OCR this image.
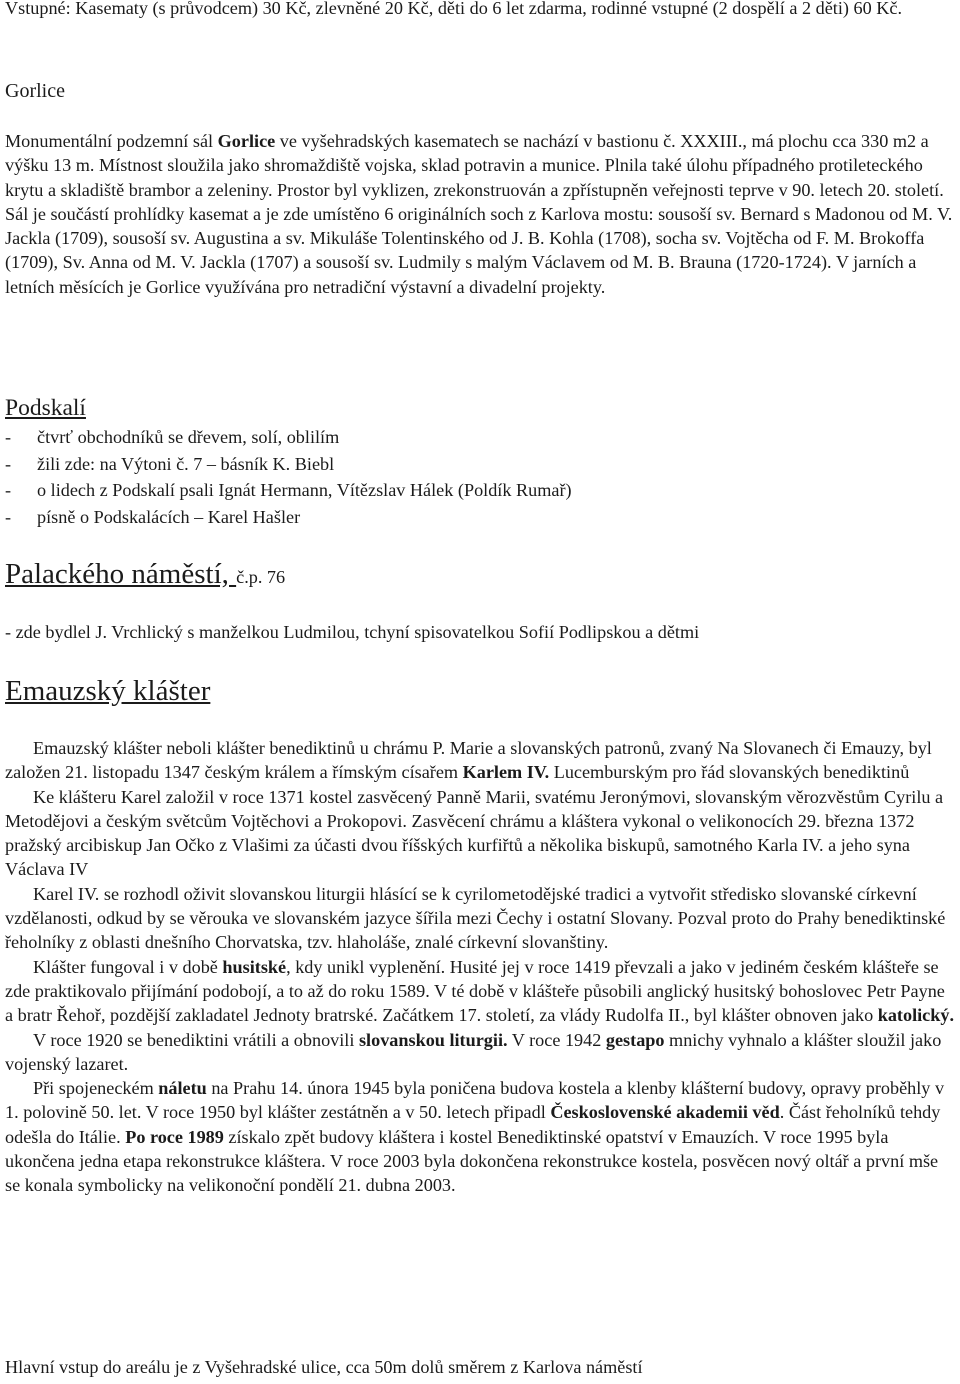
Vstupné: Kasematy (s průvodcem) 30 Kč, zlevněné 20 Kč, děti do 6 let zdarma, rodinné vstupné (2 dospělí a 2 děti) 60 Kč.

Gorlice

Monumentální podzemní sál Gorlice ve vyšehradských kasematech se nachází v bastionu č. XXXIII., má plochu cca 330 m2 a výšku 13 m. Místnost sloužila jako shromaždiště vojska, sklad potravin a munice. Plnila také úlohu případného protileteckého krytu a skladiště brambor a zeleniny. Prostor byl vyklizen, zrekonstruován a zpřístupněn veřejnosti teprve v 90. letech 20. století. Sál je součástí prohlídky kasemat a je zde umístěno 6 originálních soch z Karlova mostu: sousoší sv. Bernard s Madonou od M. V. Jackla (1709), sousoší sv. Augustina a sv. Mikuláše Tolentinského od J. B. Kohla (1708), socha sv. Vojtěcha od F. M. Brokoffa (1709), Sv. Anna od M. V. Jackla (1707) a sousoší sv. Ludmily s malým Václavem od M. B. Brauna (1720-1724). V jarních a letních měsících je Gorlice využívána pro netradiční výstavní a divadelní projekty.

Podskalí
- čtvrť obchodníků se dřevem, solí, oblilím
- žili zde: na Výtoni č. 7 – básník K. Biebl
- o lidech z Podskalí psali Ignát Hermann, Vítězslav Hálek (Poldík Rumař)
- písně o Podskalácích – Karel Hašler
Palackého náměstí, č.p. 76

- zde bydlel J. Vrchlický s manželkou Ludmilou, tchyní spisovatelkou Sofií Podlipskou a dětmi

Emauzský klášter

Emauzský klášter neboli klášter benediktinů u chrámu P. Marie a slovanských patronů, zvaný Na Slovanech či Emauzy, byl založen 21. listopadu 1347 českým králem a římským císařem Karlem IV. Lucemburským pro řád slovanských benediktinů

Ke klášteru Karel založil v roce 1371 kostel zasvěcený Panně Marii, svatému Jeronýmovi, slovanským věrozvěstům Cyrilu a Metodějovi a českým světcům Vojtěchovi a Prokopovi. Zasvěcení chrámu a kláštera vykonal o velikonocích 29. března 1372 pražský arcibiskup Jan Očko z Vlašimi za účasti dvou říšských kurfiřtů a několika biskupů, samotného Karla IV. a jeho syna Václava IV

Karel IV. se rozhodl oživit slovanskou liturgii hlásící se k cyrilometodějské tradici a vytvořit středisko slovanské církevní vzdělanosti, odkud by se věrouka ve slovanském jazyce šířila mezi Čechy i ostatní Slovany. Pozval proto do Prahy benediktinské řeholníky z oblasti dnešního Chorvatska, tzv. hlaholáše, znalé církevní slovanštiny.

Klášter fungoval i v době husitské, kdy unikl vyplenění. Husité jej v roce 1419 převzali a jako v jediném českém klášteře se zde praktikovalo přijímání podobojí, a to až do roku 1589. V té době v klášteře působili anglický husitský bohoslovec Petr Payne a bratr Řehoř, pozdější zakladatel Jednoty bratrské. Začátkem 17. století, za vlády Rudolfa II., byl klášter obnoven jako katolický.

V roce 1920 se benediktini vrátili a obnovili slovanskou liturgii. V roce 1942 gestapo mnichy vyhnalo a klášter sloužil jako vojenský lazaret.

Při spojeneckém náletu na Prahu 14. února 1945 byla poničena budova kostela a klenby klášterní budovy, opravy proběhly v 1. polovině 50. let. V roce 1950 byl klášter zestátněn a v 50. letech připadl Československé akademii věd. Část řeholníků tehdy odešla do Itálie. Po roce 1989 získalo zpět budovy kláštera i kostel Benediktinské opatství v Emauzích. V roce 1995 byla ukončena jedna etapa rekonstrukce kláštera. V roce 2003 byla dokončena rekonstrukce kostela, posvěcen nový oltář a první mše se konala symbolicky na velikonoční pondělí 21. dubna 2003.

Hlavní vstup do areálu je z Vyšehradské ulice, cca 50m dolů směrem z Karlova náměstí
